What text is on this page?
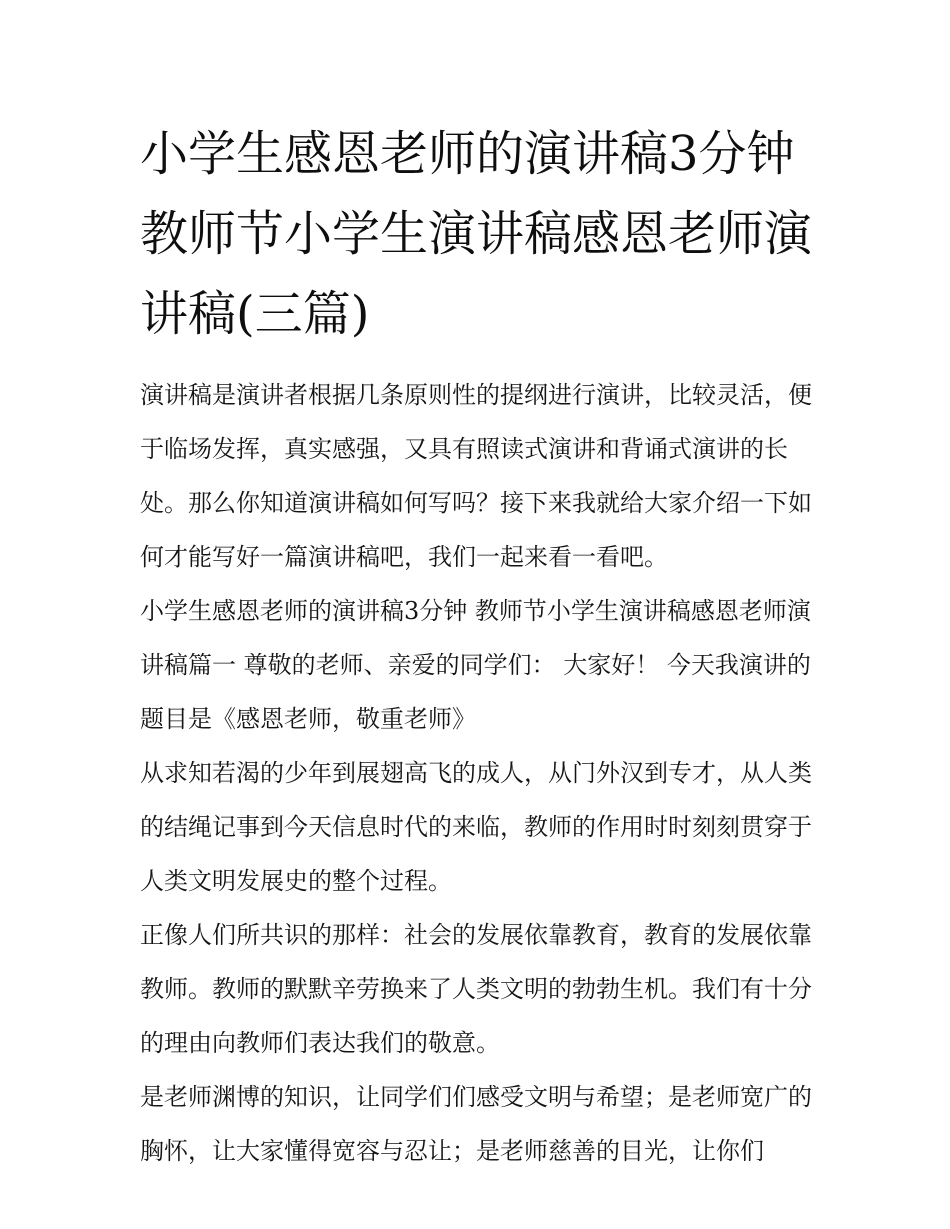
小学生感恩老师的演讲稿3分钟 教师节小学生演讲稿感恩老师演讲稿(三篇)

演讲稿是演讲者根据几条原则性的提纲进行演讲，比较灵活，便于临场发挥，真实感强，又具有照读式演讲和背诵式演讲的长处。那么你知道演讲稿如何写吗？接下来我就给大家介绍一下如何才能写好一篇演讲稿吧，我们一起来看一看吧。

小学生感恩老师的演讲稿3分钟 教师节小学生演讲稿感恩老师演讲稿篇一 尊敬的老师、亲爱的同学们： 大家好！ 今天我演讲的题目是《感恩老师，敬重老师》

从求知若渴的少年到展翅高飞的成人，从门外汉到专才，从人类的结绳记事到今天信息时代的来临，教师的作用时时刻刻贯穿于人类文明发展史的整个过程。

正像人们所共识的那样：社会的发展依靠教育，教育的发展依靠教师。教师的默默辛劳换来了人类文明的勃勃生机。我们有十分的理由向教师们表达我们的敬意。

是老师渊博的知识，让同学们们感受文明与希望；是老师宽广的胸怀，让大家懂得宽容与忍让；是老师慈善的目光，让你们
